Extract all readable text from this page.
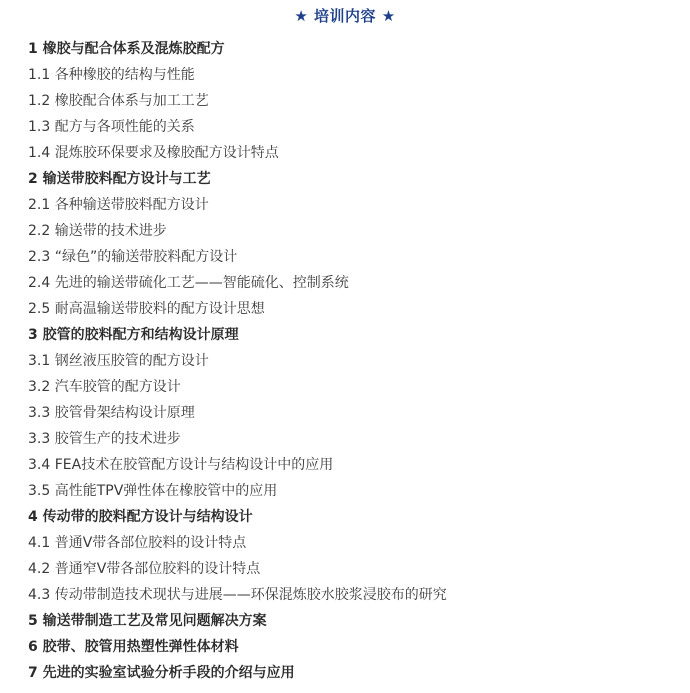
★ 培训内容 ★
1 橡胶与配合体系及混炼胶配方
1.1 各种橡胶的结构与性能
1.2 橡胶配合体系与加工工艺
1.3 配方与各项性能的关系
1.4 混炼胶环保要求及橡胶配方设计特点
2 输送带胶料配方设计与工艺
2.1 各种输送带胶料配方设计
2.2 输送带的技术进步
2.3 “绿色”的输送带胶料配方设计
2.4 先进的输送带硫化工艺——智能硫化、控制系统
2.5 耐高温输送带胶料的配方设计思想
3 胶管的胶料配方和结构设计原理
3.1 钢丝液压胶管的配方设计
3.2 汽车胶管的配方设计
3.3 胶管骨架结构设计原理
3.3 胶管生产的技术进步
3.4 FEA技术在胶管配方设计与结构设计中的应用
3.5 高性能TPV弹性体在橡胶管中的应用
4 传动带的胶料配方设计与结构设计
4.1 普通V带各部位胶料的设计特点
4.2 普通窄V带各部位胶料的设计特点
4.3 传动带制造技术现状与进展——环保混炼胶水胶浆浸胶布的研究
5 输送带制造工艺及常见问题解决方案
6 胶带、胶管用热塑性弹性体材料
7 先进的实验室试验分析手段的介绍与应用
